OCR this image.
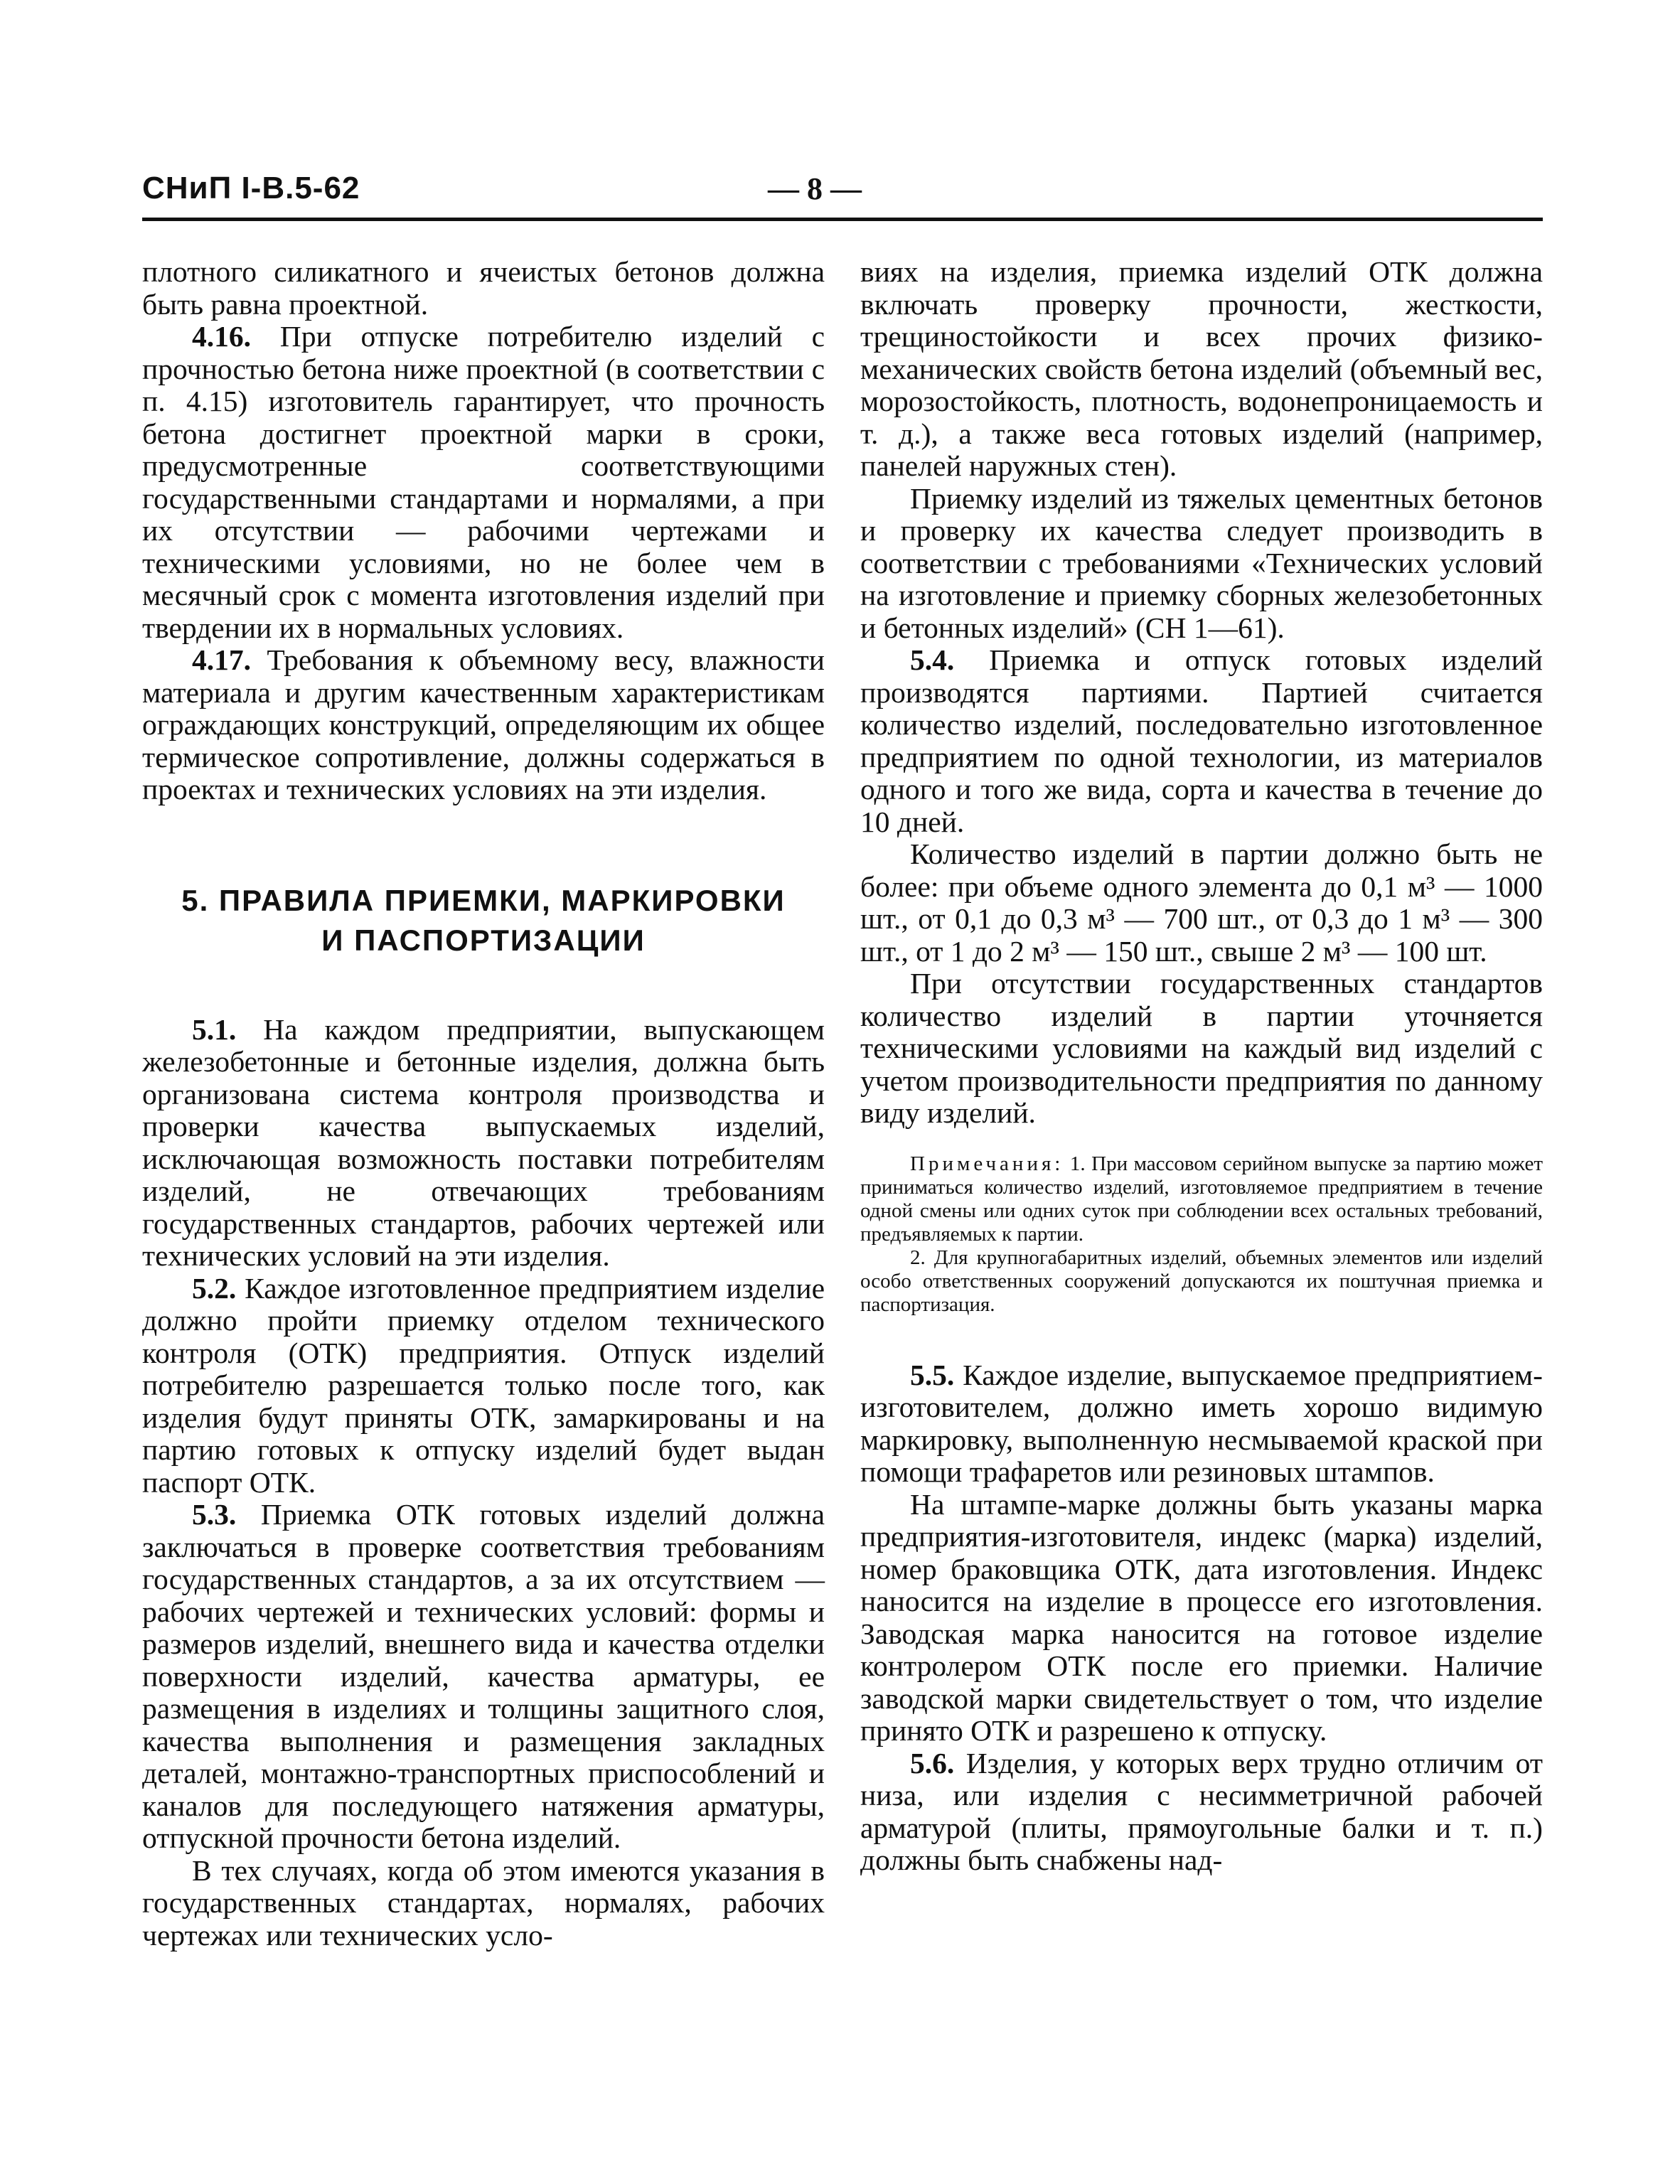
СНиП I-В.5-62	— 8 —

плотного силикатного и ячеистых бетонов должна быть равна проектной.

4.16. При отпуске потребителю изделий с прочностью бетона ниже проектной (в соответствии с п. 4.15) изготовитель гарантирует, что прочность бетона достигнет проектной марки в сроки, предусмотренные соответствующими государственными стандартами и нормалями, а при их отсутствии — рабочими чертежами и техническими условиями, но не более чем в месячный срок с момента изготовления изделий при твердении их в нормальных условиях.

4.17. Требования к объемному весу, влажности материала и другим качественным характеристикам ограждающих конструкций, определяющим их общее термическое сопротивление, должны содержаться в проектах и технических условиях на эти изделия.

5. ПРАВИЛА ПРИЕМКИ, МАРКИРОВКИ
И ПАСПОРТИЗАЦИИ

5.1. На каждом предприятии, выпускающем железобетонные и бетонные изделия, должна быть организована система контроля производства и проверки качества выпускаемых изделий, исключающая возможность поставки потребителям изделий, не отвечающих требованиям государственных стандартов, рабочих чертежей или технических условий на эти изделия.

5.2. Каждое изготовленное предприятием изделие должно пройти приемку отделом технического контроля (ОТК) предприятия. Отпуск изделий потребителю разрешается только после того, как изделия будут приняты ОТК, замаркированы и на партию готовых к отпуску изделий будет выдан паспорт ОТК.

5.3. Приемка ОТК готовых изделий должна заключаться в проверке соответствия требованиям государственных стандартов, а за их отсутствием — рабочих чертежей и технических условий: формы и размеров изделий, внешнего вида и качества отделки поверхности изделий, качества арматуры, ее размещения в изделиях и толщины защитного слоя, качества выполнения и размещения закладных деталей, монтажно-транспортных приспособлений и каналов для последующего натяжения арматуры, отпускной прочности бетона изделий.

В тех случаях, когда об этом имеются указания в государственных стандартах, нормалях, рабочих чертежах или технических усло-

виях на изделия, приемка изделий ОТК должна включать проверку прочности, жесткости, трещиностойкости и всех прочих физико-механических свойств бетона изделий (объемный вес, морозостойкость, плотность, водонепроницаемость и т. д.), а также веса готовых изделий (например, панелей наружных стен).

Приемку изделий из тяжелых цементных бетонов и проверку их качества следует производить в соответствии с требованиями «Технических условий на изготовление и приемку сборных железобетонных и бетонных изделий» (СН 1—61).

5.4. Приемка и отпуск готовых изделий производятся партиями. Партией считается количество изделий, последовательно изготовленное предприятием по одной технологии, из материалов одного и того же вида, сорта и качества в течение до 10 дней.

Количество изделий в партии должно быть не более: при объеме одного элемента до 0,1 м³ — 1000 шт., от 0,1 до 0,3 м³ — 700 шт., от 0,3 до 1 м³ — 300 шт., от 1 до 2 м³ — 150 шт., свыше 2 м³ — 100 шт.

При отсутствии государственных стандартов количество изделий в партии уточняется техническими условиями на каждый вид изделий с учетом производительности предприятия по данному виду изделий.

Примечания: 1. При массовом серийном выпуске за партию может приниматься количество изделий, изготовляемое предприятием в течение одной смены или одних суток при соблюдении всех остальных требований, предъявляемых к партии.

2. Для крупногабаритных изделий, объемных элементов или изделий особо ответственных сооружений допускаются их поштучная приемка и паспортизация.

5.5. Каждое изделие, выпускаемое предприятием-изготовителем, должно иметь хорошо видимую маркировку, выполненную несмываемой краской при помощи трафаретов или резиновых штампов.

На штампе-марке должны быть указаны марка предприятия-изготовителя, индекс (марка) изделий, номер браковщика ОТК, дата изготовления. Индекс наносится на изделие в процессе его изготовления. Заводская марка наносится на готовое изделие контролером ОТК после его приемки. Наличие заводской марки свидетельствует о том, что изделие принято ОТК и разрешено к отпуску.

5.6. Изделия, у которых верх трудно отличим от низа, или изделия с несимметричной рабочей арматурой (плиты, прямоугольные балки и т. п.) должны быть снабжены над-
